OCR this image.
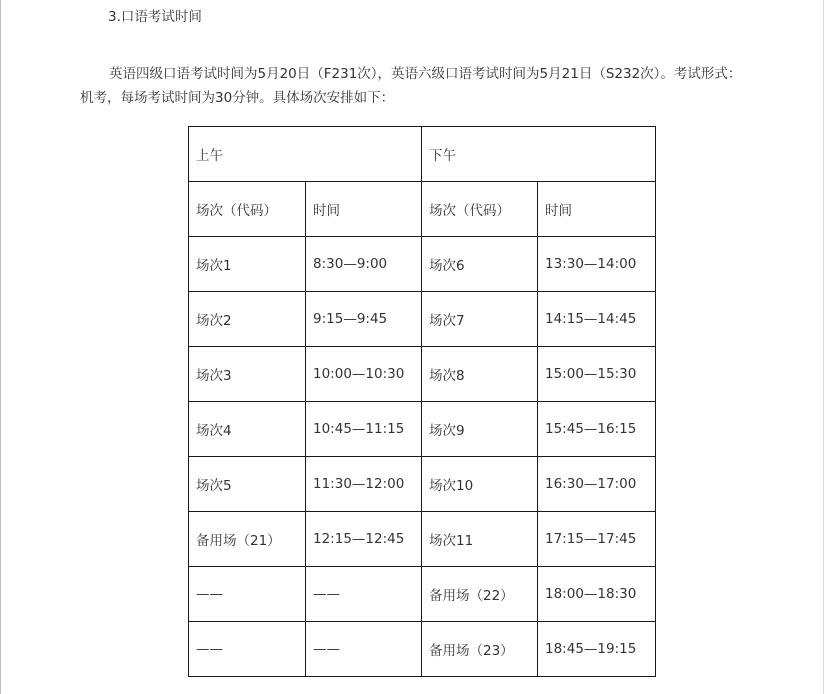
3.口语考试时间
英语四级口语考试时间为5月20日（F231次），英语六级口语考试时间为5月21日（S232次）。考试形式：
机考，每场考试时间为30分钟。具体场次安排如下：
上午		下午	
场次（代码）	时间	场次（代码）	时间
场次1	8:30—9:00	场次6	13:30—14:00
场次2	9:15—9:45	场次7	14:15—14:45
场次3	10:00—10:30	场次8	15:00—15:30
场次4	10:45—11:15	场次9	15:45—16:15
场次5	11:30—12:00	场次10	16:30—17:00
备用场（21）	12:15—12:45	场次11	17:15—17:45
——	——	备用场（22）	18:00—18:30
——	——	备用场（23）	18:45—19:15
